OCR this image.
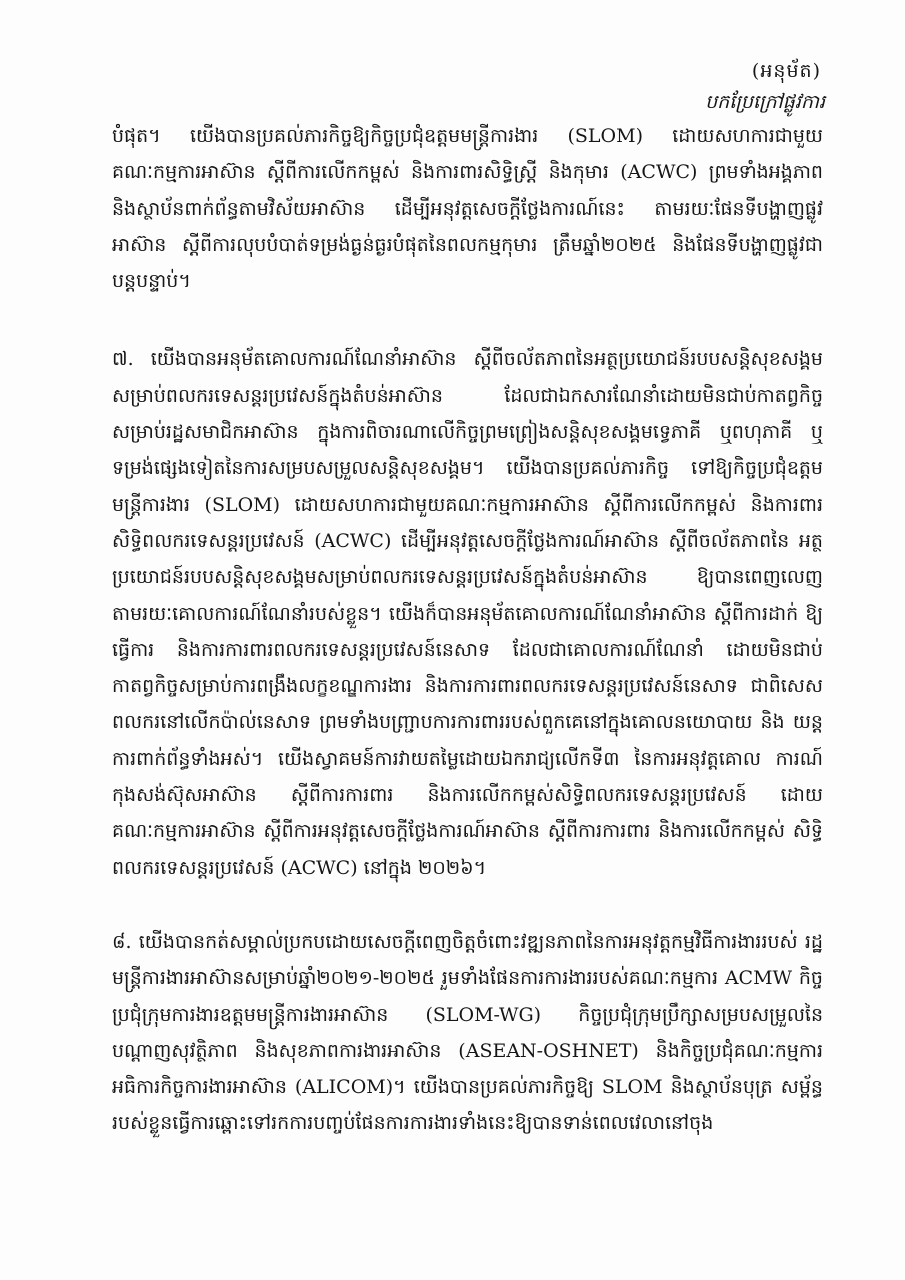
(អនុម័ត)

បកប្រែក្រៅផ្លូវការ

បំផុត។ យើងបានប្រគល់ភារកិច្ចឱ្យកិច្ចប្រជុំឧត្តមមន្ត្រីការងារ (SLOM) ដោយសហការជាមួយ គណៈកម្មការអាស៊ាន ស្តីពីការលើកកម្ពស់ និងការពារសិទ្ធិស្ត្រី និងកុមារ (ACWC) ព្រមទាំងអង្គភាព និងស្ថាប័នពាក់ព័ន្ធតាមវិស័យអាស៊ាន ដើម្បីអនុវត្តសេចក្តីថ្លែងការណ៍នេះ តាមរយៈផែនទីបង្ហាញផ្លូវ អាស៊ាន ស្តីពីការលុបបំបាត់ទម្រង់ធ្ងន់ធ្ងរបំផុតនៃពលកម្មកុមារ ត្រឹមឆ្នាំ២០២៥ និងផែនទីបង្ហាញផ្លូវជា បន្តបន្ទាប់។

៧. យើងបានអនុម័តគោលការណ៍ណែនាំអាស៊ាន ស្តីពីចល័តភាពនៃអត្ថប្រយោជន៍របបសន្តិសុខសង្គម សម្រាប់ពលករទេសន្តរប្រវេសន៍ក្នុងតំបន់អាស៊ាន ដែលជាឯកសារណែនាំដោយមិនជាប់កាតព្វកិច្ច សម្រាប់រដ្ឋសមាជិកអាស៊ាន ក្នុងការពិចារណាលើកិច្ចព្រមព្រៀងសន្តិសុខសង្គមទ្វេភាគី ឬពហុភាគី ឬ ទម្រង់ផ្សេងទៀតនៃការសម្របសម្រួលសន្តិសុខសង្គម។ យើងបានប្រគល់ភារកិច្ច ទៅឱ្យកិច្ចប្រជុំឧត្តម មន្ត្រីការងារ (SLOM) ដោយសហការជាមួយគណៈកម្មការអាស៊ាន ស្តីពីការលើកកម្ពស់ និងការពារ សិទ្ធិពលករទេសន្តរប្រវេសន៍ (ACWC) ដើម្បីអនុវត្តសេចក្តីថ្លែងការណ៍អាស៊ាន ស្តីពីចល័តភាពនៃ អត្ថប្រយោជន៍របបសន្តិសុខសង្គមសម្រាប់ពលករទេសន្តរប្រវេសន៍ក្នុងតំបន់អាស៊ាន ឱ្យបានពេញលេញ តាមរយៈគោលការណ៍ណែនាំរបស់ខ្លួន។ យើងក៏បានអនុម័តគោលការណ៍ណែនាំអាស៊ាន ស្តីពីការដាក់ ឱ្យធ្វើការ និងការការពារពលករទេសន្តរប្រវេសន៍នេសាទ ដែលជាគោលការណ៍ណែនាំ ដោយមិនជាប់ កាតព្វកិច្ចសម្រាប់ការពង្រឹងលក្ខខណ្ឌការងារ និងការការពារពលករទេសន្តរប្រវេសន៍នេសាទ ជាពិសេស ពលករនៅលើកប៉ាល់នេសាទ ព្រមទាំងបញ្ជ្រាបការការពាររបស់ពួកគេនៅក្នុងគោលនយោបាយ និង យន្តការពាក់ព័ន្ធទាំងអស់។ យើងស្វាគមន៍ការវាយតម្លៃដោយឯករាជ្យលើកទី៣ នៃការអនុវត្តគោល ការណ៍កុងសង់ស៊ុសអាស៊ាន ស្តីពីការការពារ និងការលើកកម្ពស់សិទ្ធិពលករទេសន្តរប្រវេសន៍ ដោយ គណៈកម្មការអាស៊ាន ស្តីពីការអនុវត្តសេចក្តីថ្លែងការណ៍អាស៊ាន ស្តីពីការការពារ និងការលើកកម្ពស់ សិទ្ធិពលករទេសន្តរប្រវេសន៍ (ACWC) នៅក្នុង ២០២៦។

៨. យើងបានកត់សម្គាល់ប្រកបដោយសេចក្តីពេញចិត្តចំពោះវឌ្ឍនភាពនៃការអនុវត្តកម្មវិធីការងាររបស់ រដ្ឋមន្ត្រីការងារអាស៊ានសម្រាប់ឆ្នាំ២០២១-២០២៥ រួមទាំងផែនការការងាររបស់គណៈកម្មការ ACMW កិច្ចប្រជុំក្រុមការងារឧត្តមមន្ត្រីការងារអាស៊ាន (SLOM-WG) កិច្ចប្រជុំក្រុមប្រឹក្សាសម្របសម្រួលនៃ បណ្តាញសុវត្ថិភាព និងសុខភាពការងារអាស៊ាន (ASEAN-OSHNET) និងកិច្ចប្រជុំគណៈកម្មការ អធិការកិច្ចការងារអាស៊ាន (ALICOM)។ យើងបានប្រគល់ភារកិច្ចឱ្យ SLOM និងស្ថាប័នបុត្រ សម្ព័ន្ធរបស់ខ្លួនធ្វើការឆ្ពោះទៅរកការបញ្ចប់ផែនការការងារទាំងនេះឱ្យបានទាន់ពេលវេលានៅចុង
